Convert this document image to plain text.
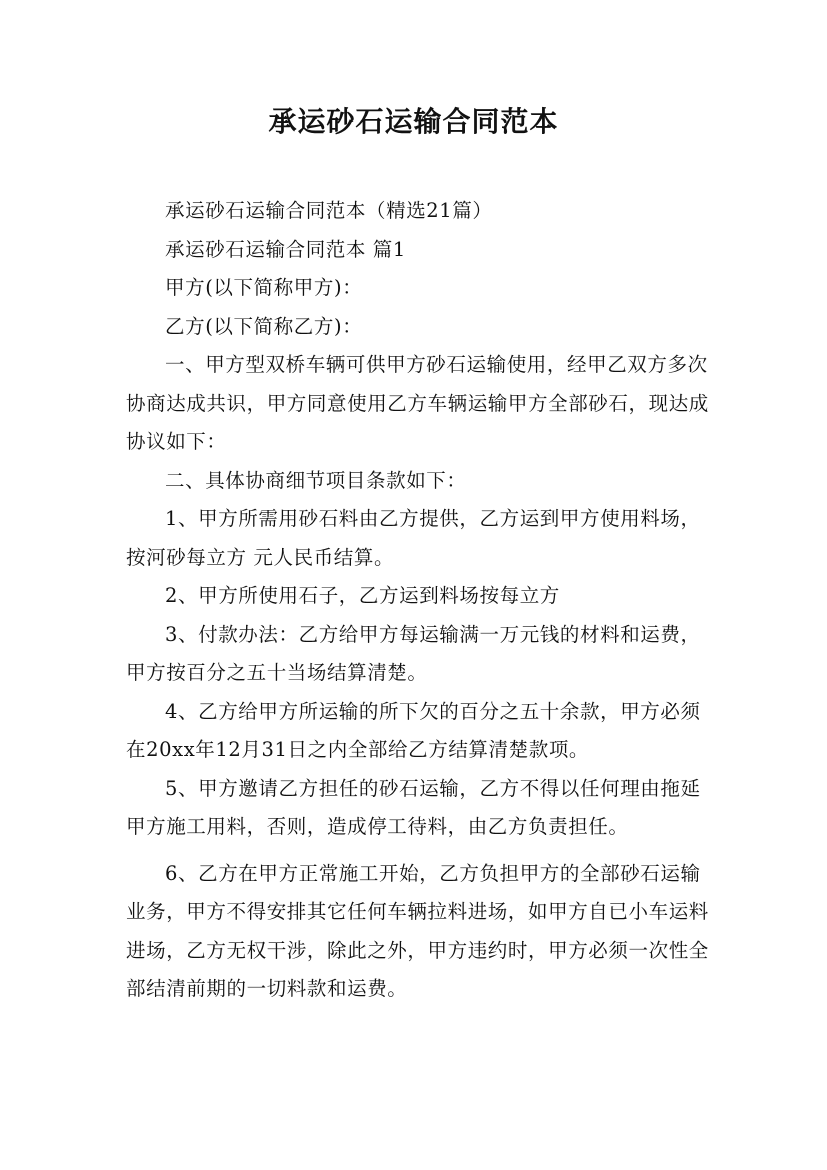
承运砂石运输合同范本

承运砂石运输合同范本（精选21篇）

承运砂石运输合同范本 篇1

甲方(以下简称甲方)：

乙方(以下简称乙方)：

一、甲方型双桥车辆可供甲方砂石运输使用，经甲乙双方多次协商达成共识，甲方同意使用乙方车辆运输甲方全部砂石，现达成协议如下：

二、具体协商细节项目条款如下：

1、甲方所需用砂石料由乙方提供，乙方运到甲方使用料场，按河砂每立方 元人民币结算。

2、甲方所使用石子，乙方运到料场按每立方

3、付款办法：乙方给甲方每运输满一万元钱的材料和运费，甲方按百分之五十当场结算清楚。

4、乙方给甲方所运输的所下欠的百分之五十余款，甲方必须在20xx年12月31日之内全部给乙方结算清楚款项。

5、甲方邀请乙方担任的砂石运输，乙方不得以任何理由拖延甲方施工用料，否则，造成停工待料，由乙方负责担任。

6、乙方在甲方正常施工开始，乙方负担甲方的全部砂石运输业务，甲方不得安排其它任何车辆拉料进场，如甲方自已小车运料进场，乙方无权干涉，除此之外，甲方违约时，甲方必须一次性全部结清前期的一切料款和运费。
